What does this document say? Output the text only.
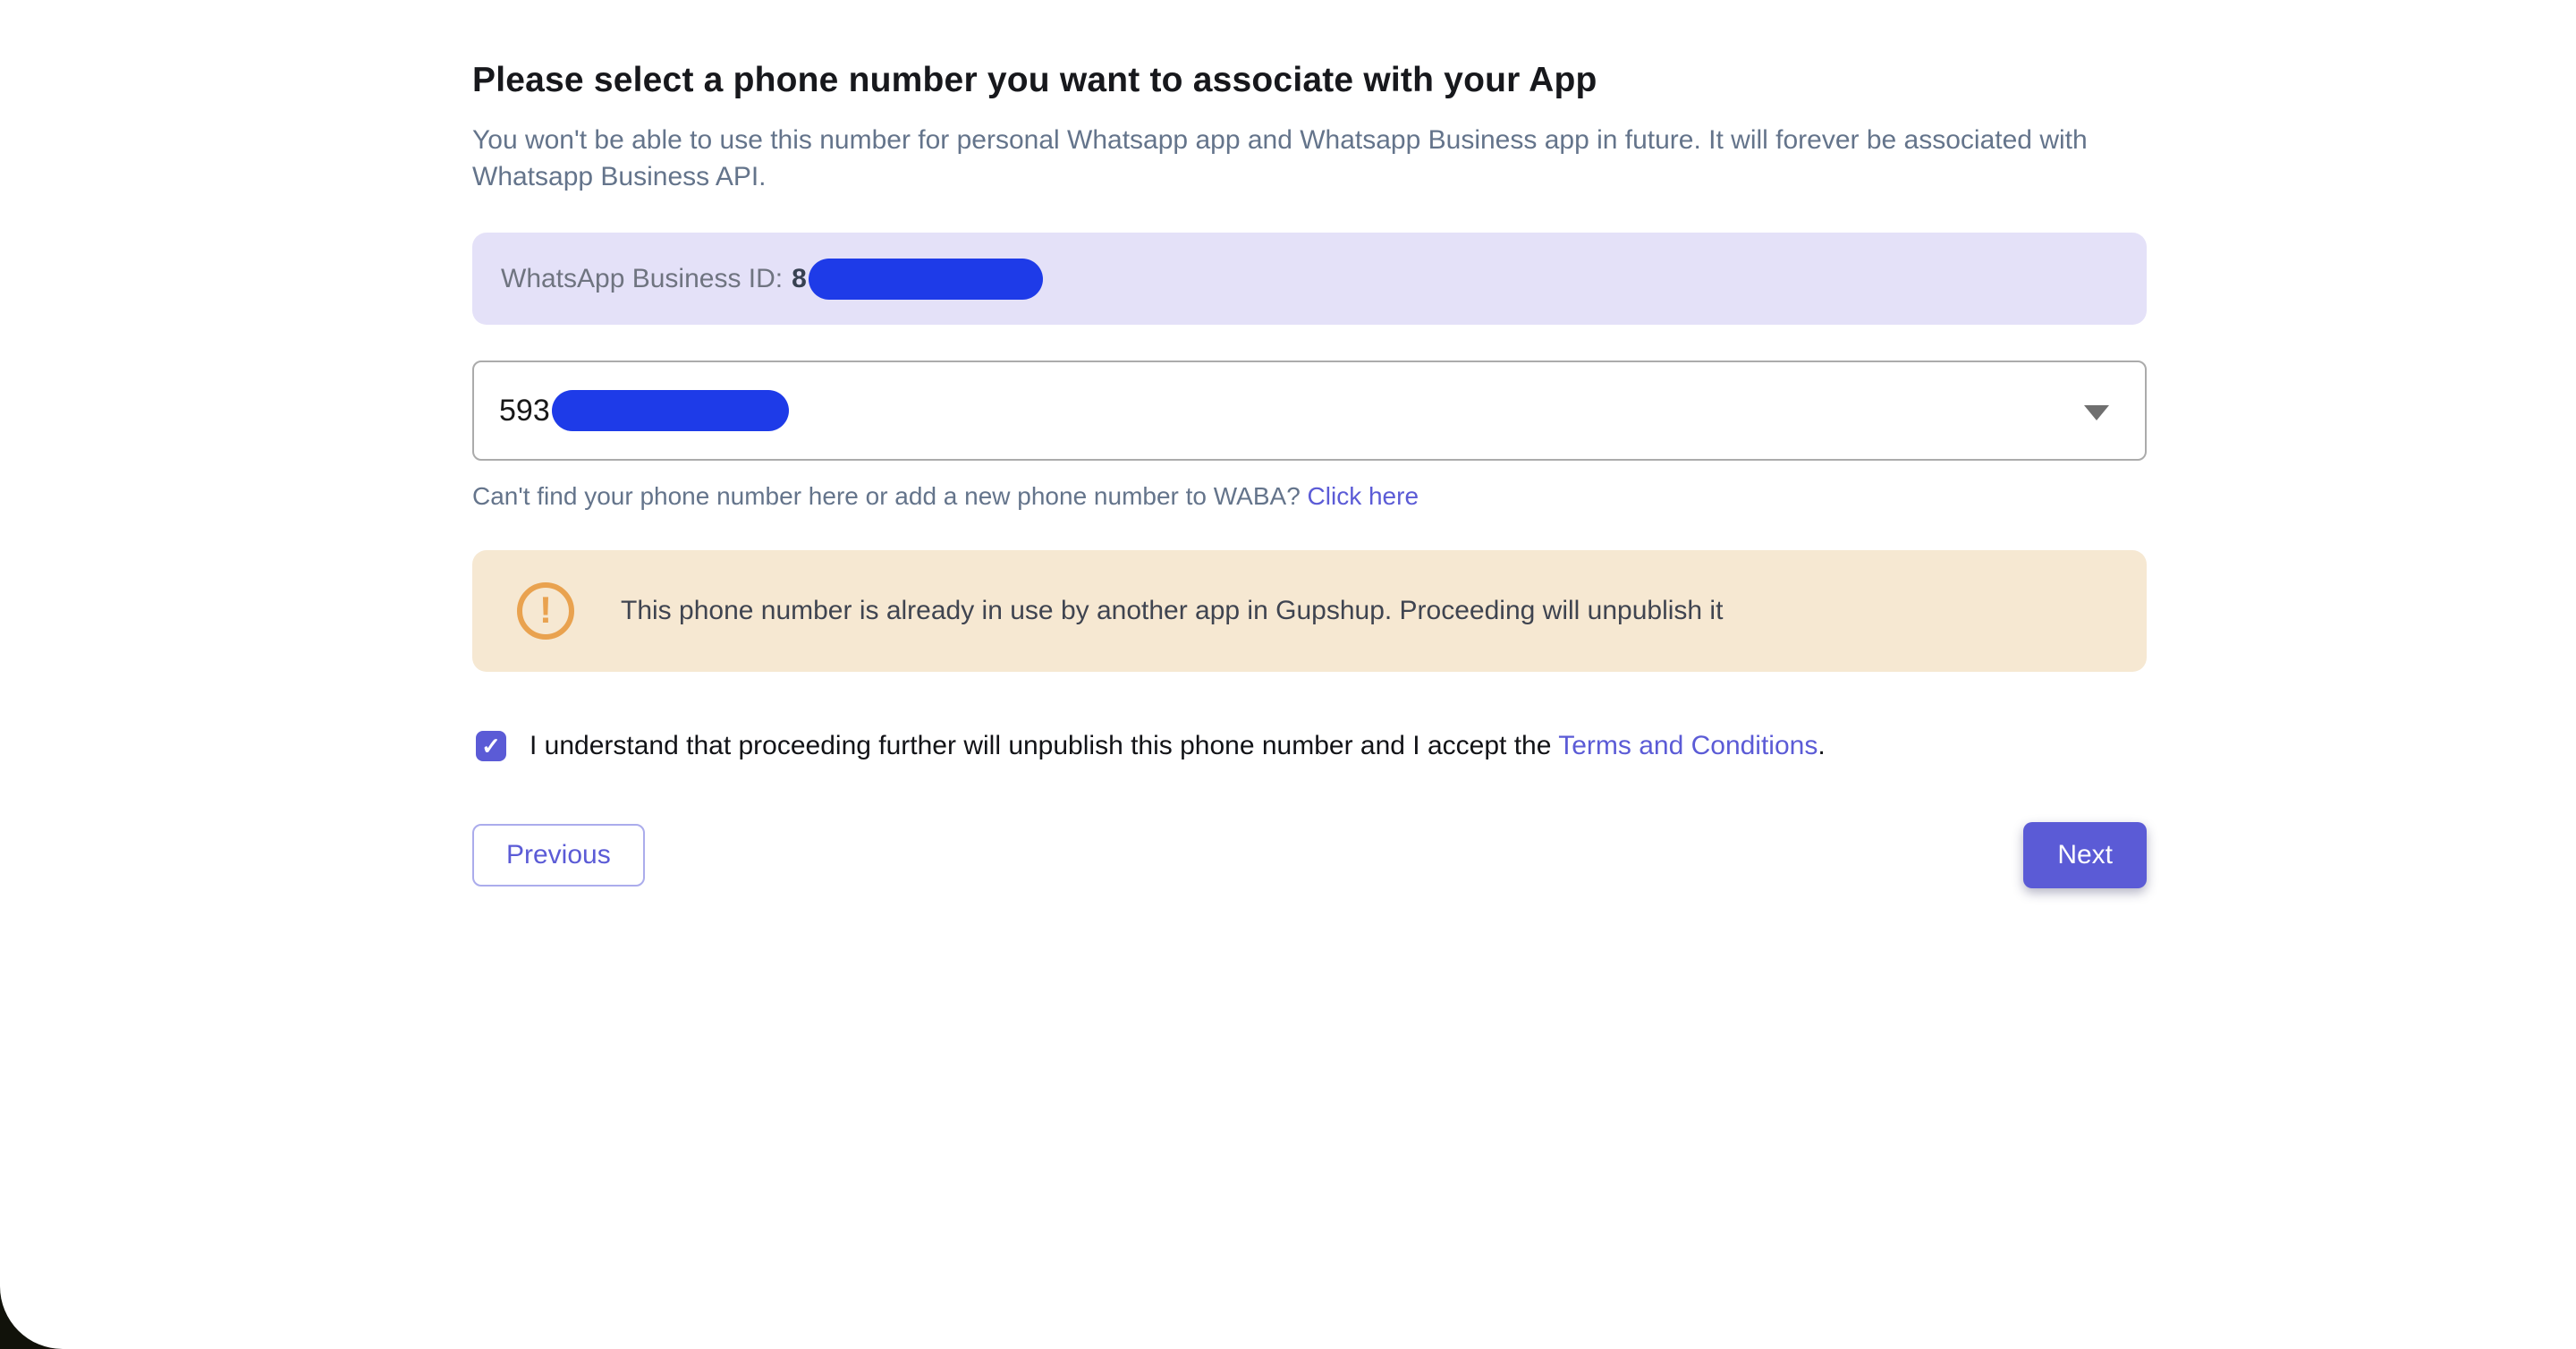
Please select a phone number you want to associate with your App

You won't be able to use this number for personal Whatsapp app and Whatsapp Business app in future. It will forever be associated with Whatsapp Business API.

WhatsApp Business ID: 8
593
Can't find your phone number here or add a new phone number to WABA? Click here
!	This phone number is already in use by another app in Gupshup. Proceeding will unpublish it
✓ I understand that proceeding further will unpublish this phone number and I accept the Terms and Conditions.
Previous	Next
